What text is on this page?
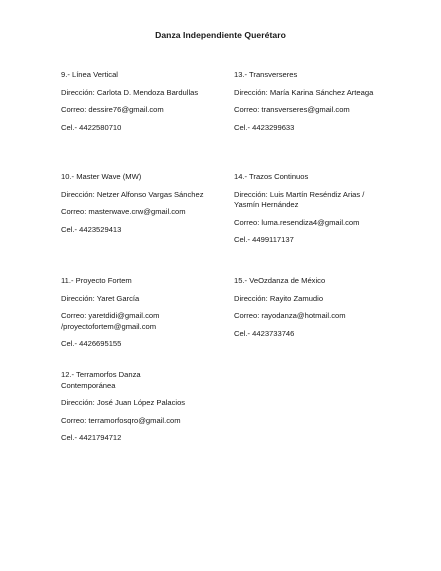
Danza Independiente Querétaro

9.- Línea Vertical

Dirección: Carlota D. Mendoza Bardullas

Correo: dessire76@gmail.com

Cel.- 4422580710

13.- Transverseres

Dirección: María Karina Sánchez Arteaga

Correo: transverseres@gmail.com

Cel.- 4423299633

10.- Master Wave (MW)

Dirección: Netzer Alfonso Vargas Sánchez

Correo: masterwave.crw@gmail.com

Cel.- 4423529413

14.- Trazos Continuos

Dirección: Luis Martín Reséndiz Arias / Yasmín Hernández

Correo: luma.resendiza4@gmail.com

Cel.- 4499117137

11.- Proyecto Fortem

Dirección: Yaret García

Correo: yaretdidi@gmail.com /proyectofortem@gmail.com

Cel.- 4426695155

15.- VeOzdanza de México

Dirección: Rayito Zamudio

Correo: rayodanza@hotmail.com

Cel.- 4423733746

12.- Terramorfos Danza Contemporánea

Dirección: José Juan López Palacios

Correo: terramorfosqro@gmail.com

Cel.- 4421794712
